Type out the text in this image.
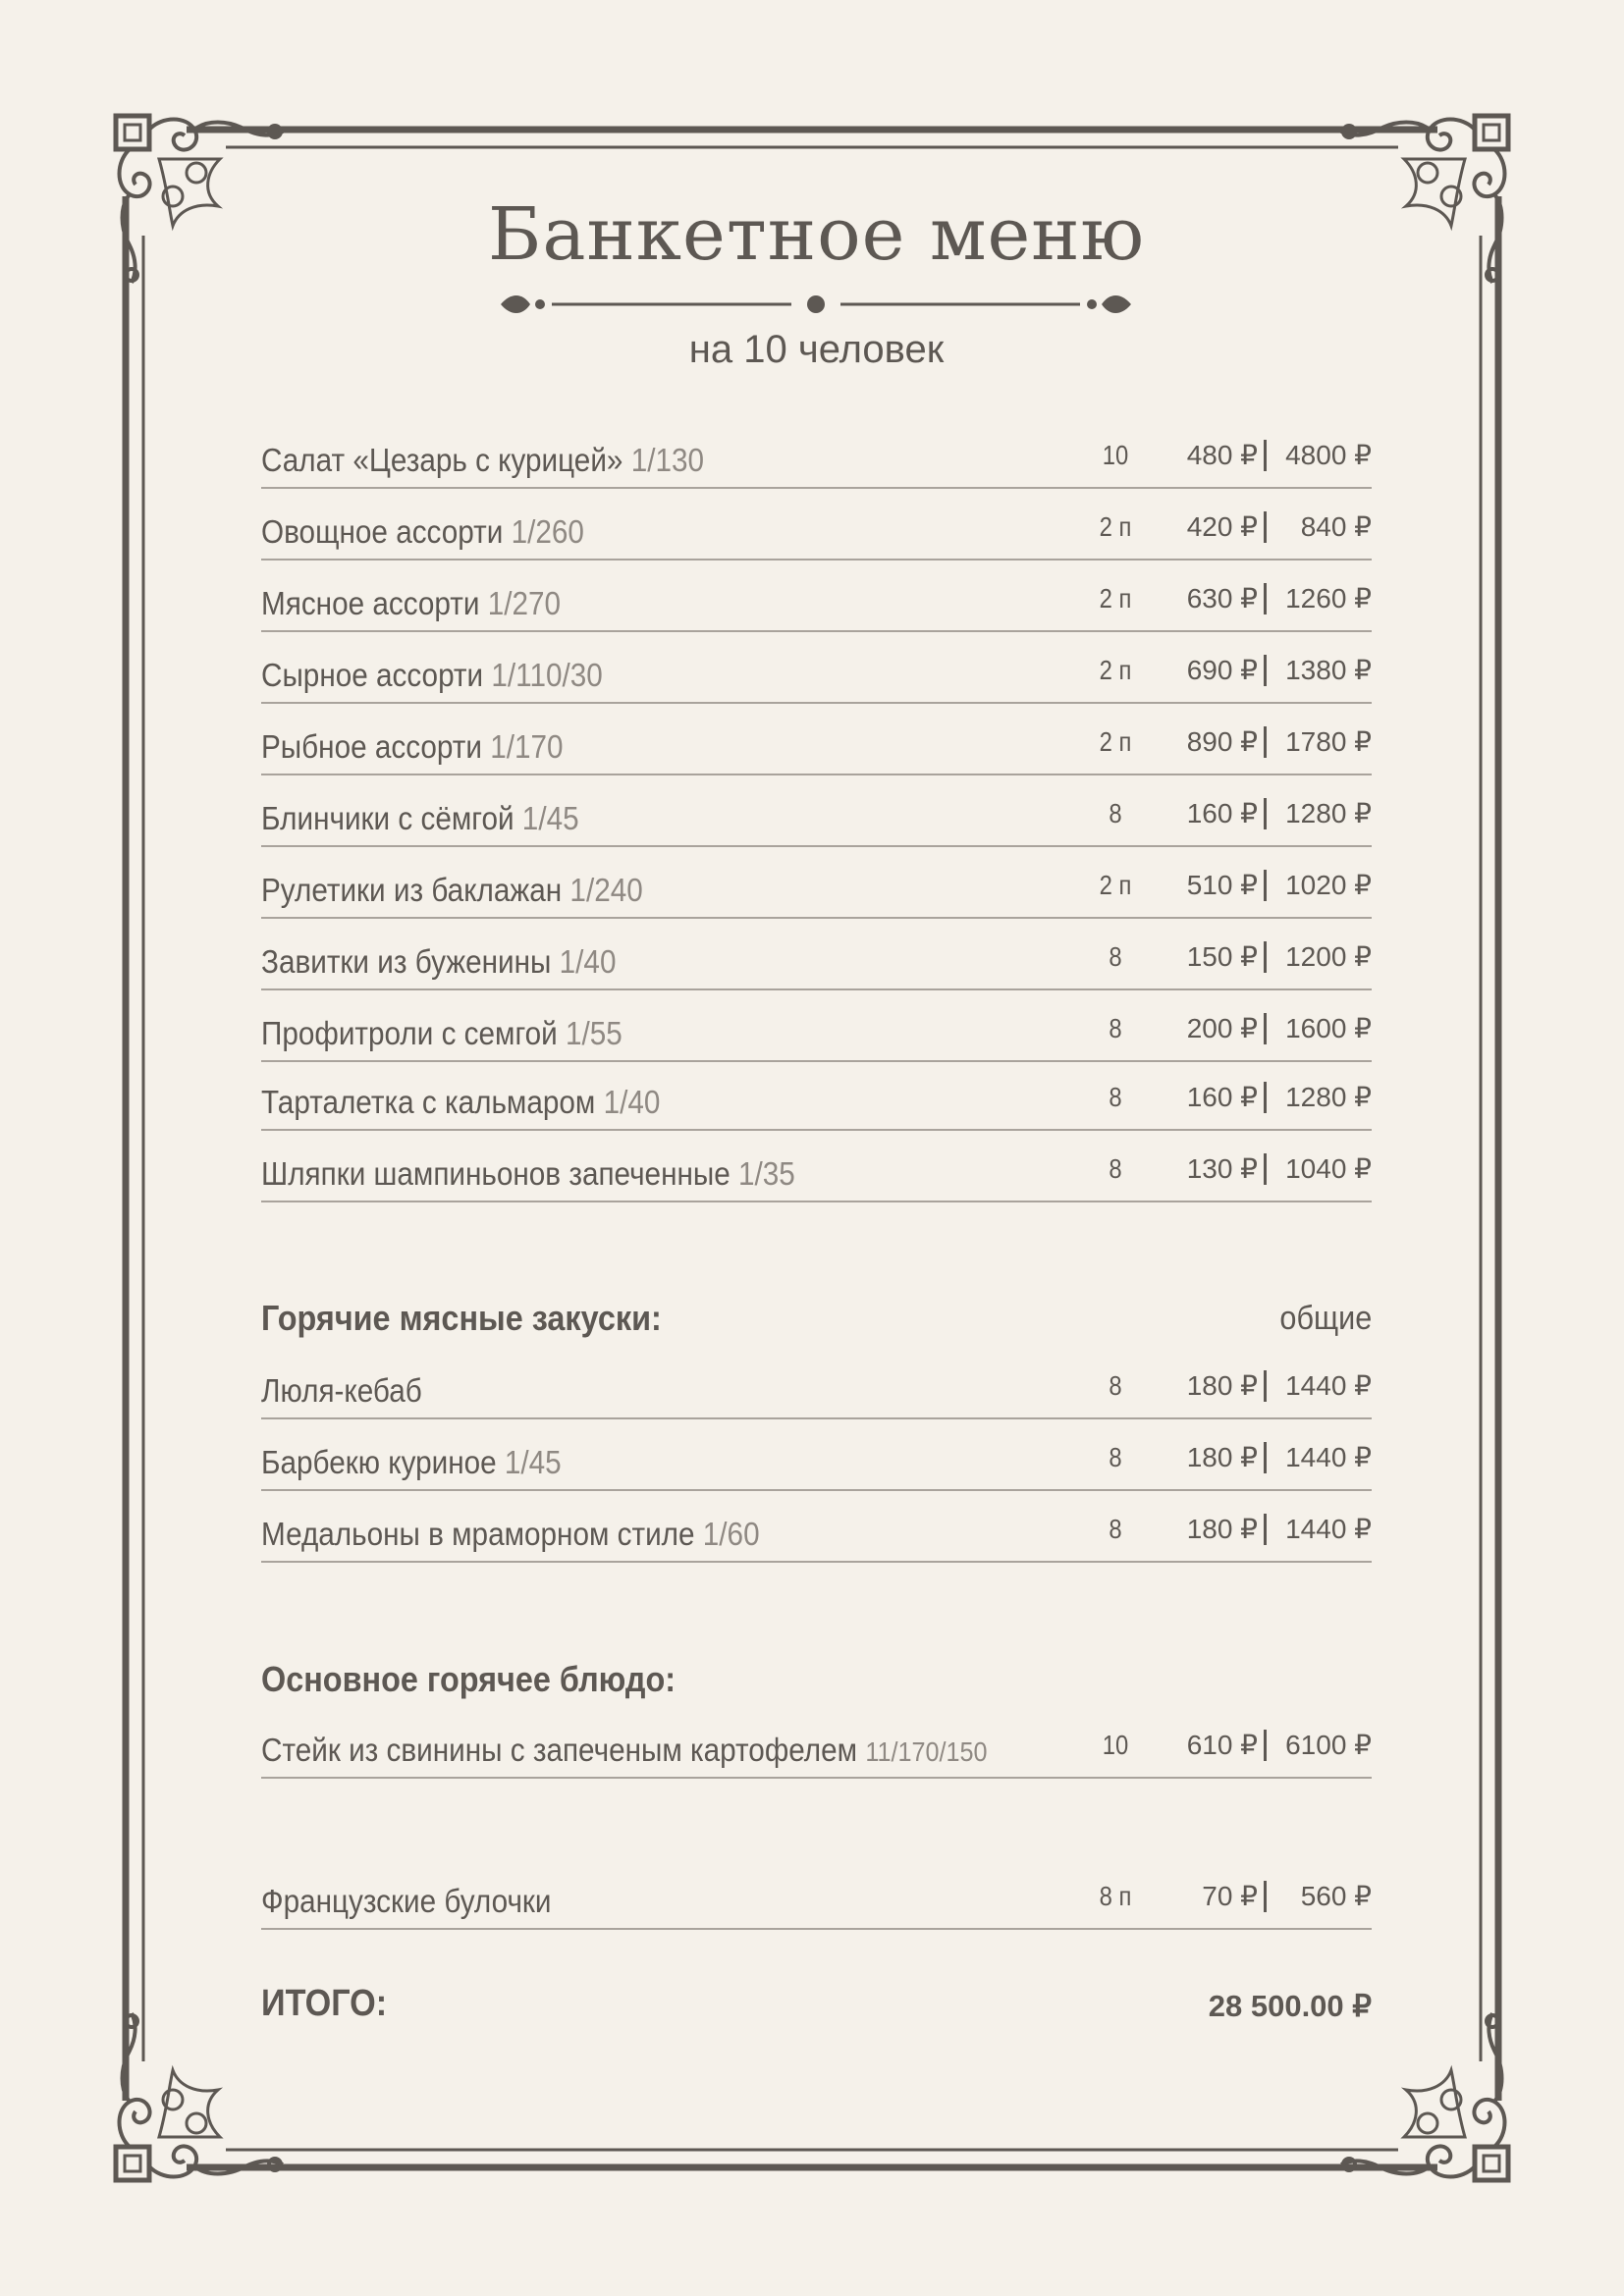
Банкетное меню
на 10 человек
Салат «Цезарь с курицей» 1/130	10	480 ₽	4800 ₽
Овощное ассорти 1/260	2 п	420 ₽	840 ₽
Мясное ассорти 1/270	2 п	630 ₽	1260 ₽
Сырное ассорти 1/110/30	2 п	690 ₽	1380 ₽
Рыбное ассорти 1/170	2 п	890 ₽	1780 ₽
Блинчики с сёмгой 1/45	8	160 ₽	1280 ₽
Рулетики из баклажан 1/240	2 п	510 ₽	1020 ₽
Завитки из буженины 1/40	8	150 ₽	1200 ₽
Профитроли с семгой 1/55	8	200 ₽	1600 ₽
Тарталетка с кальмаром 1/40	8	160 ₽	1280 ₽
Шляпки шампиньонов запеченные 1/35	8	130 ₽	1040 ₽
Горячие мясные закуски:	общие
Люля-кебаб	8	180 ₽	1440 ₽
Барбекю куриное 1/45	8	180 ₽	1440 ₽
Медальоны в мраморном стиле 1/60	8	180 ₽	1440 ₽
Основное горячее блюдо:
Стейк из свинины с запеченым картофелем 11/170/150	10	610 ₽	6100 ₽
Французские булочки	8 п	70 ₽	560 ₽
ИТОГО:	28 500.00 ₽
